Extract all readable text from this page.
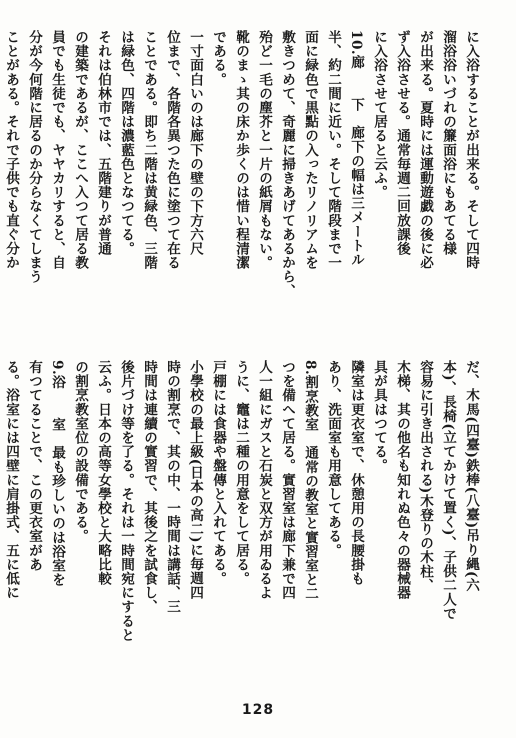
に入浴することが出来る。そして四時
溜浴浴いづれの簾面浴にもあてる様
が出来る。夏時には運動遊戯の後に必
ず入浴させる。通常毎週二回放課後
に入浴させて居ると云ふ。
10.廊　　下　廊下の幅は三メートル
半、約二間に近い。そして階段まで一
面に緑色で黒點の入ったリノリアムを
敷きつめて、奇麗に掃きあげてあるから、
殆ど一毛の塵芥と一片の紙屑もない。
靴のまゝ其の床か歩くのは惜い程清潔
である。
一寸面白いのは廊下の壁の下方六尺
位まで、各階各異つた色に塗つて在る
ことである。即ち二階は黄緑色、三階
は緑色、四階は濃藍色となつてる。
それは伯林市では、五階建りが普通
の建築であるが、ここへ入つて居る教
員でも生徒でも、ヤヤカリすると、自
分が今何階に居るのか分らなくてしまう
ことがある。それで子供でも直ぐ分か
だ、木馬(四臺)鉄棒(八臺)吊り縄(六
本)、長椅(立てかけて置く)、子供二人で
容易に引き出される)木登りの木柱、
木梯、其の他名も知れぬ色々の器械器
具が具はつてる。
隣室は更衣室で、休憩用の長腰掛も
あり、洗面室も用意してある。
8.割烹教室　通常の教室と實習室と二
つを備へて居る。實習室は廊下兼で四
人一組にガスと石炭と双方が用ゐるよ
うに、竈は二種の用意をして居る。
戸棚には食器や盤傳と入れてある。
小學校の最上級(日本の高二)に毎週四
時の割烹で、其の中、一時間は講話、三
時間は連續の實習で、其後之を試食し、
後片づけ等を了る。それは一時間宛にすると
云ふ。日本の高等女學校と大略比較
の割烹教室位の設備である。
9.浴　　室　最も珍しいのは浴室を
有つてることで、この更衣室があ
る。浴室には四壁に肩掛式、五に低に
128
